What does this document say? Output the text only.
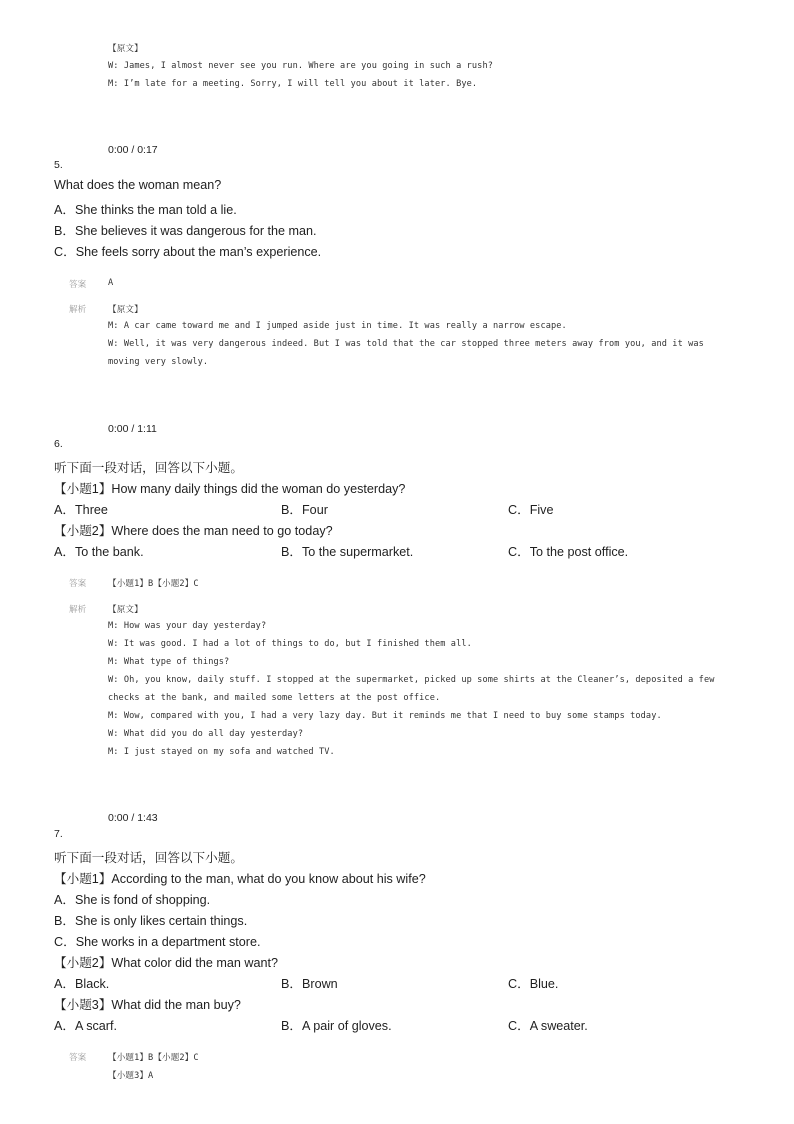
【原文】
W: James, I almost never see you run. Where are you going in such a rush?
M: I’m late for a meeting. Sorry, I will tell you about it later. Bye.
0:00 / 0:17
5.
What does the woman mean?
A．She thinks the man told a lie.
B．She believes it was dangerous for the man.
C．She feels sorry about the man’s experience.
答案	A
解析	【原文】
M: A car came toward me and I jumped aside just in time. It was really a narrow escape.
W: Well, it was very dangerous indeed. But I was told that the car stopped three meters away from you, and it was
moving very slowly.
0:00 / 1:11
6.
听下面一段对话，回答以下小题。
【小题1】How many daily things did the woman do yesterday?
A．Three	B．Four	C．Five
【小题2】Where does the man need to go today?
A．To the bank.	B．To the supermarket.	C．To the post office.
答案	【小题1】B【小题2】C
解析	【原文】
M: How was your day yesterday?
W: It was good. I had a lot of things to do, but I finished them all.
M: What type of things?
W: Oh, you know, daily stuff. I stopped at the supermarket, picked up some shirts at the Cleaner’s, deposited a few
checks at the bank, and mailed some letters at the post office.
M: Wow, compared with you, I had a very lazy day. But it reminds me that I need to buy some stamps today.
W: What did you do all day yesterday?
M: I just stayed on my sofa and watched TV.
0:00 / 1:43
7.
听下面一段对话，回答以下小题。
【小题1】According to the man, what do you know about his wife?
A．She is fond of shopping.
B．She is only likes certain things.
C．She works in a department store.
【小题2】What color did the man want?
A．Black.	B．Brown	C．Blue.
【小题3】What did the man buy?
A．A scarf.	B．A pair of gloves.	C．A sweater.
答案	【小题1】B【小题2】C
【小题3】A
